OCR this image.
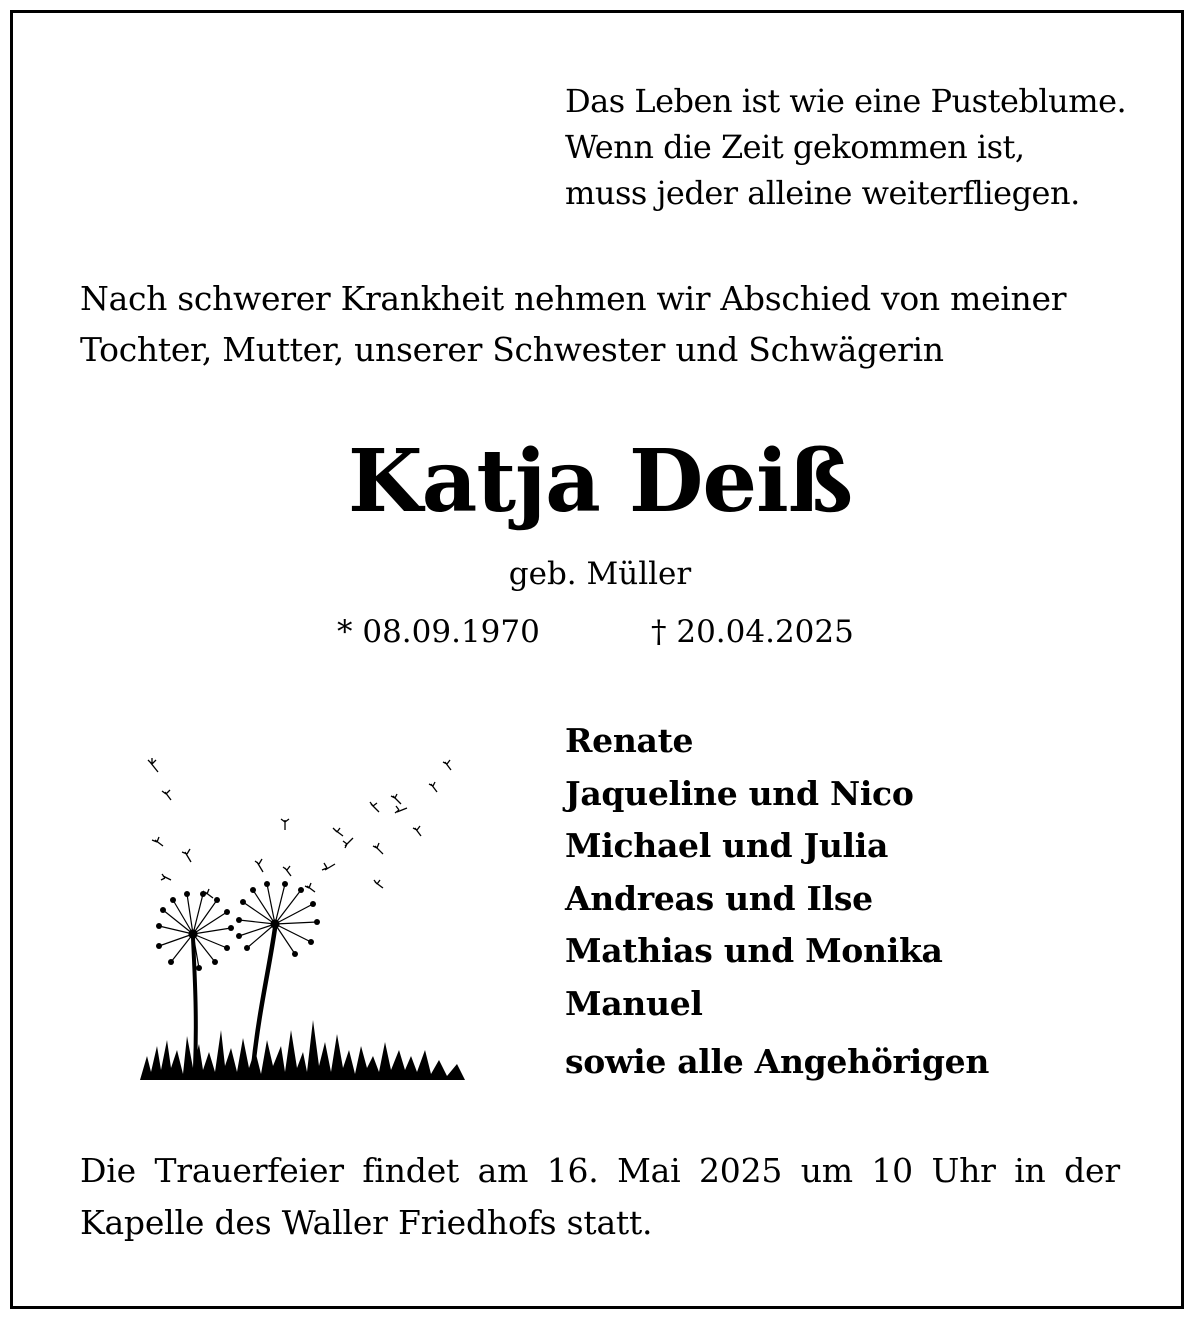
Das Leben ist wie eine Pusteblume.
Wenn die Zeit gekommen ist,
muss jeder alleine weiterfliegen.
Nach schwerer Krankheit nehmen wir Abschied von meiner
Tochter, Mutter, unserer Schwester und Schwägerin
Katja Deiß
geb. Müller
* 08.09.1970	† 20.04.2025
Renate
Jaqueline und Nico
Michael und Julia
Andreas und Ilse
Mathias und Monika
Manuel
sowie alle Angehörigen
Die Trauerfeier findet am 16. Mai 2025 um 10 Uhr in der
Kapelle des Waller Friedhofs statt.
